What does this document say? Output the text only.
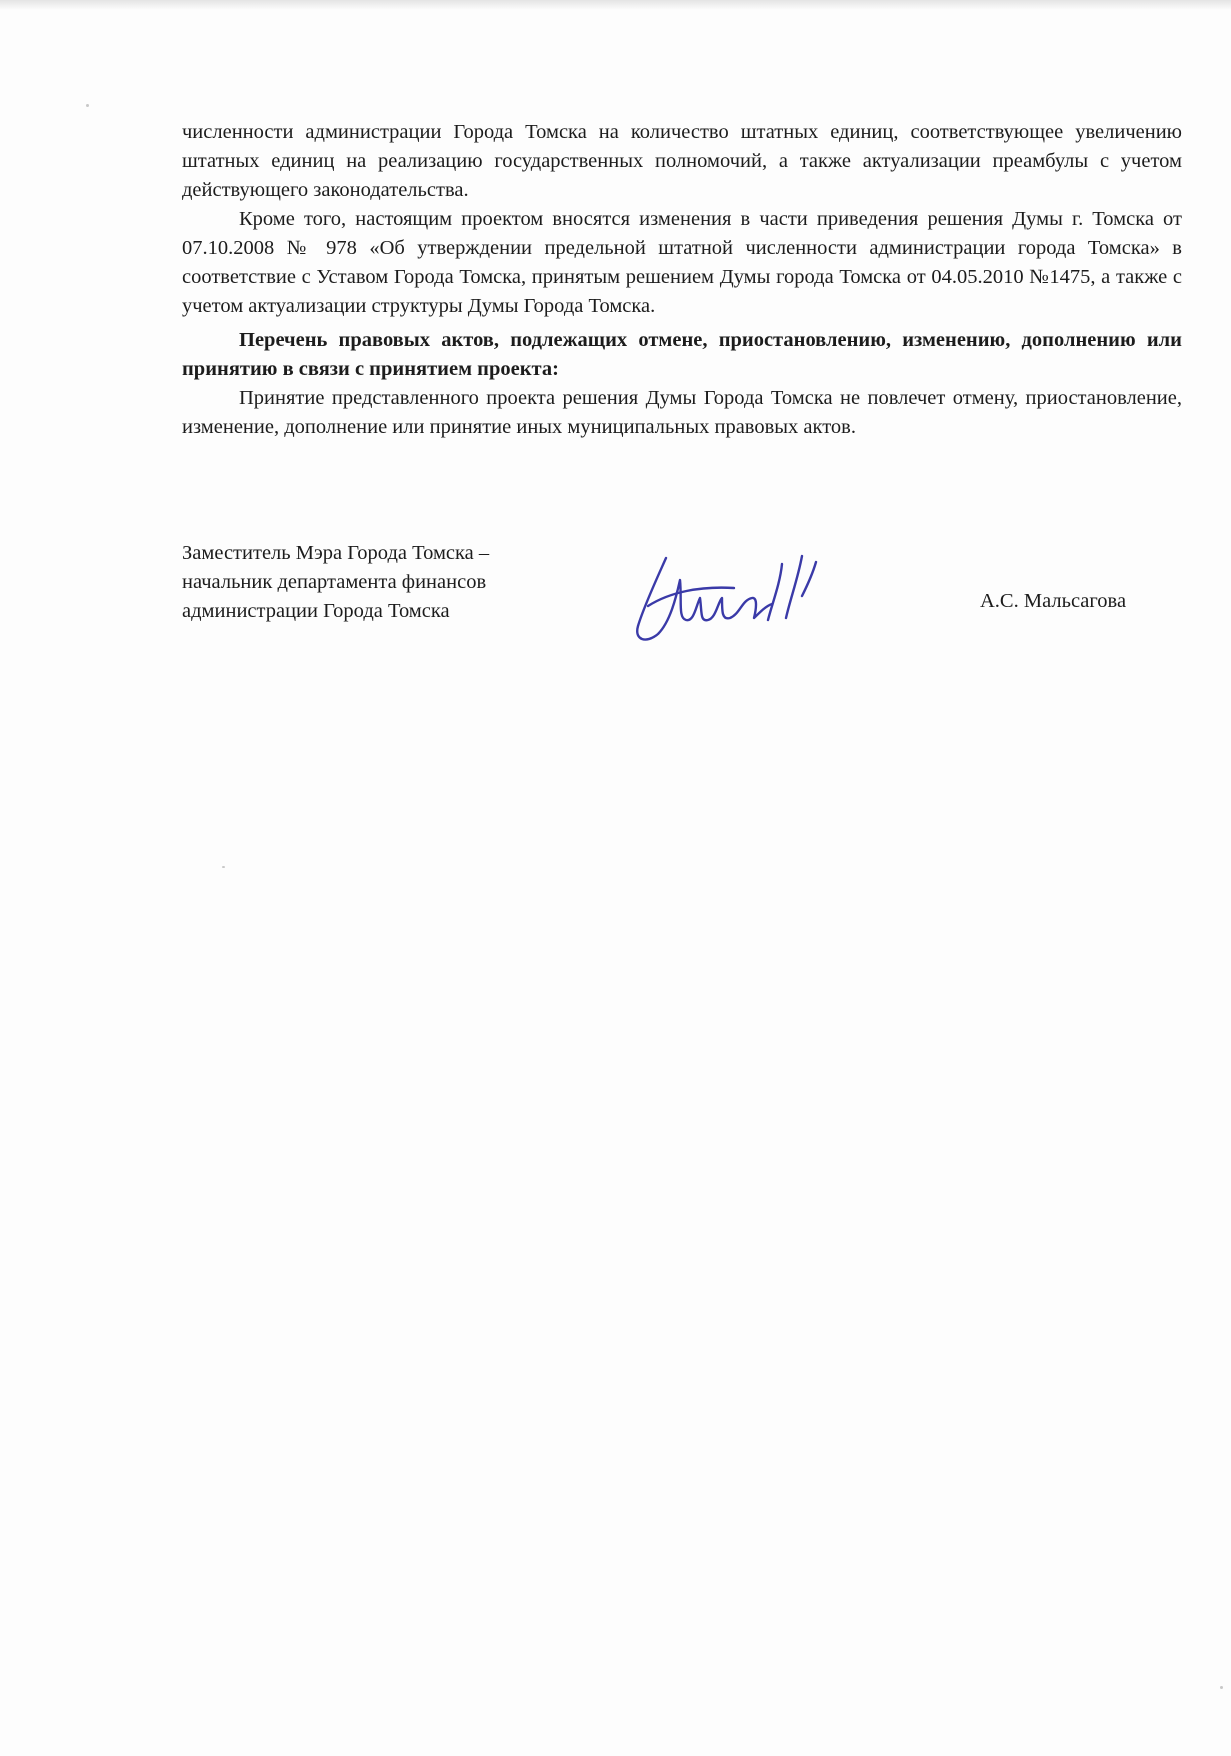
численности администрации Города Томска на количество штатных единиц, соответствующее увеличению штатных единиц на реализацию государственных полномочий, а также актуализации преамбулы с учетом действующего законодательства.

Кроме того, настоящим проектом вносятся изменения в части приведения решения Думы г. Томска от 07.10.2008 № 978 «Об утверждении предельной штатной численности администрации города Томска» в соответствие с Уставом Города Томска, принятым решением Думы города Томска от 04.05.2010 №1475, а также с учетом актуализации структуры Думы Города Томска.

Перечень правовых актов, подлежащих отмене, приостановлению, изменению, дополнению или принятию в связи с принятием проекта:

Принятие представленного проекта решения Думы Города Томска не повлечет отмену, приостановление, изменение, дополнение или принятие иных муниципальных правовых актов.

Заместитель Мэра Города Томска –
начальник департамента финансов
администрации Города Томска	А.С. Мальсагова
